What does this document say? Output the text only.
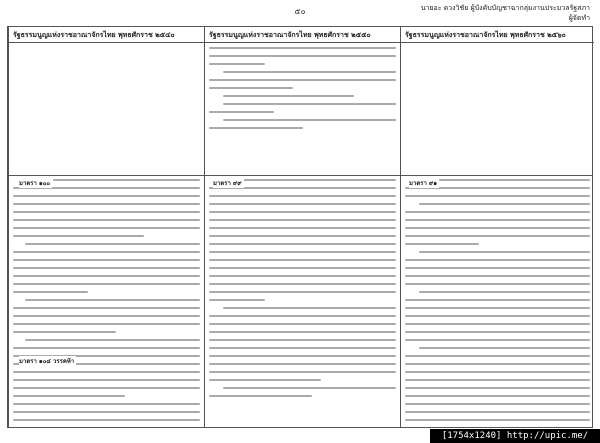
๕๐	นายอะ ดวงวิชัย ผู้บังคับบัญชาฉากลุ่มงานประมวลรัฐสภา
ผู้จัดทำ
รัฐธรรมนูญแห่งราชอาณาจักรไทย พุทธศักราช ๒๕๔๐
มาตรา ๑๐๐
มาตรา ๑๐๔ วรรคห้า
รัฐธรรมนูญแห่งราชอาณาจักรไทย พุทธศักราช ๒๕๕๐
มาตรา ๙๙
รัฐธรรมนูญแห่งราชอาณาจักรไทย พุทธศักราช ๒๕๖๐
มาตรา ๙๑
[1754x1240] http://upic.me/
